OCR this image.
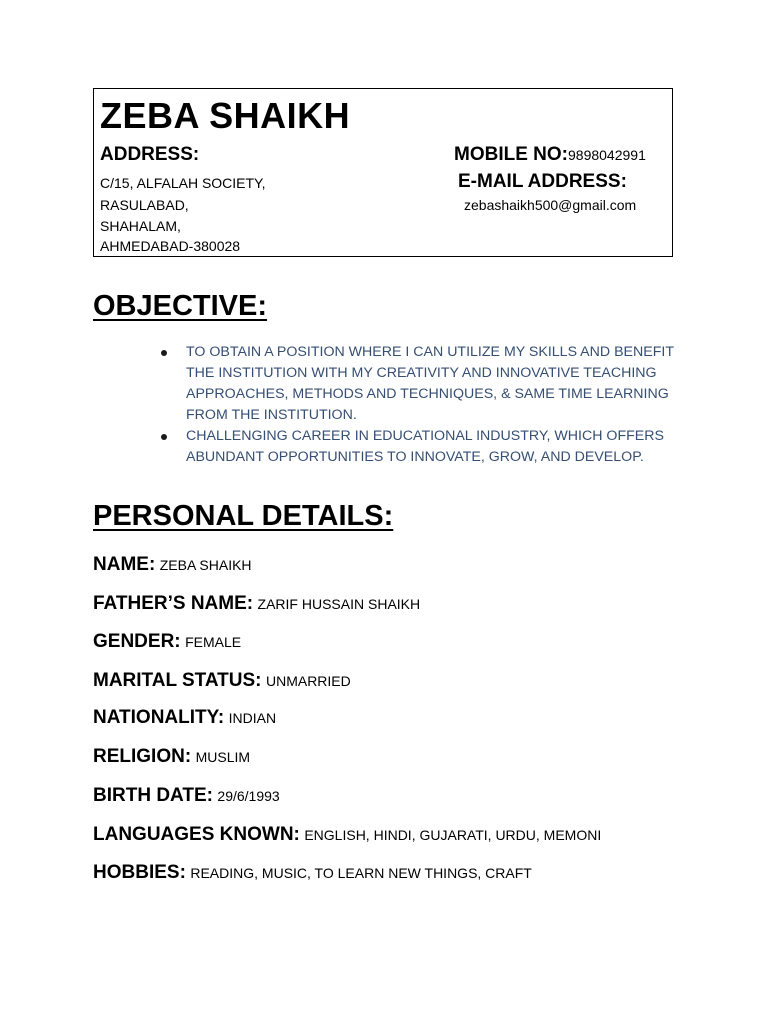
ZEBA SHAIKH
ADDRESS:
C/15, ALFALAH SOCIETY,
RASULABAD,
SHAHALAM,
AHMEDABAD-380028
MOBILE NO:9898042991
E-MAIL ADDRESS:
zebashaikh500@gmail.com
OBJECTIVE:
TO OBTAIN A POSITION WHERE I CAN UTILIZE MY SKILLS AND BENEFIT THE INSTITUTION WITH MY CREATIVITY AND INNOVATIVE TEACHING APPROACHES, METHODS AND TECHNIQUES, & SAME TIME LEARNING FROM THE INSTITUTION.
CHALLENGING CAREER IN EDUCATIONAL INDUSTRY, WHICH OFFERS ABUNDANT OPPORTUNITIES TO INNOVATE, GROW, AND DEVELOP.
PERSONAL DETAILS:
NAME: ZEBA SHAIKH
FATHER’S NAME: ZARIF HUSSAIN SHAIKH
GENDER: FEMALE
MARITAL STATUS: UNMARRIED
NATIONALITY: INDIAN
RELIGION: MUSLIM
BIRTH DATE: 29/6/1993
LANGUAGES KNOWN: ENGLISH, HINDI, GUJARATI, URDU, MEMONI
HOBBIES: READING, MUSIC, TO LEARN NEW THINGS, CRAFT
